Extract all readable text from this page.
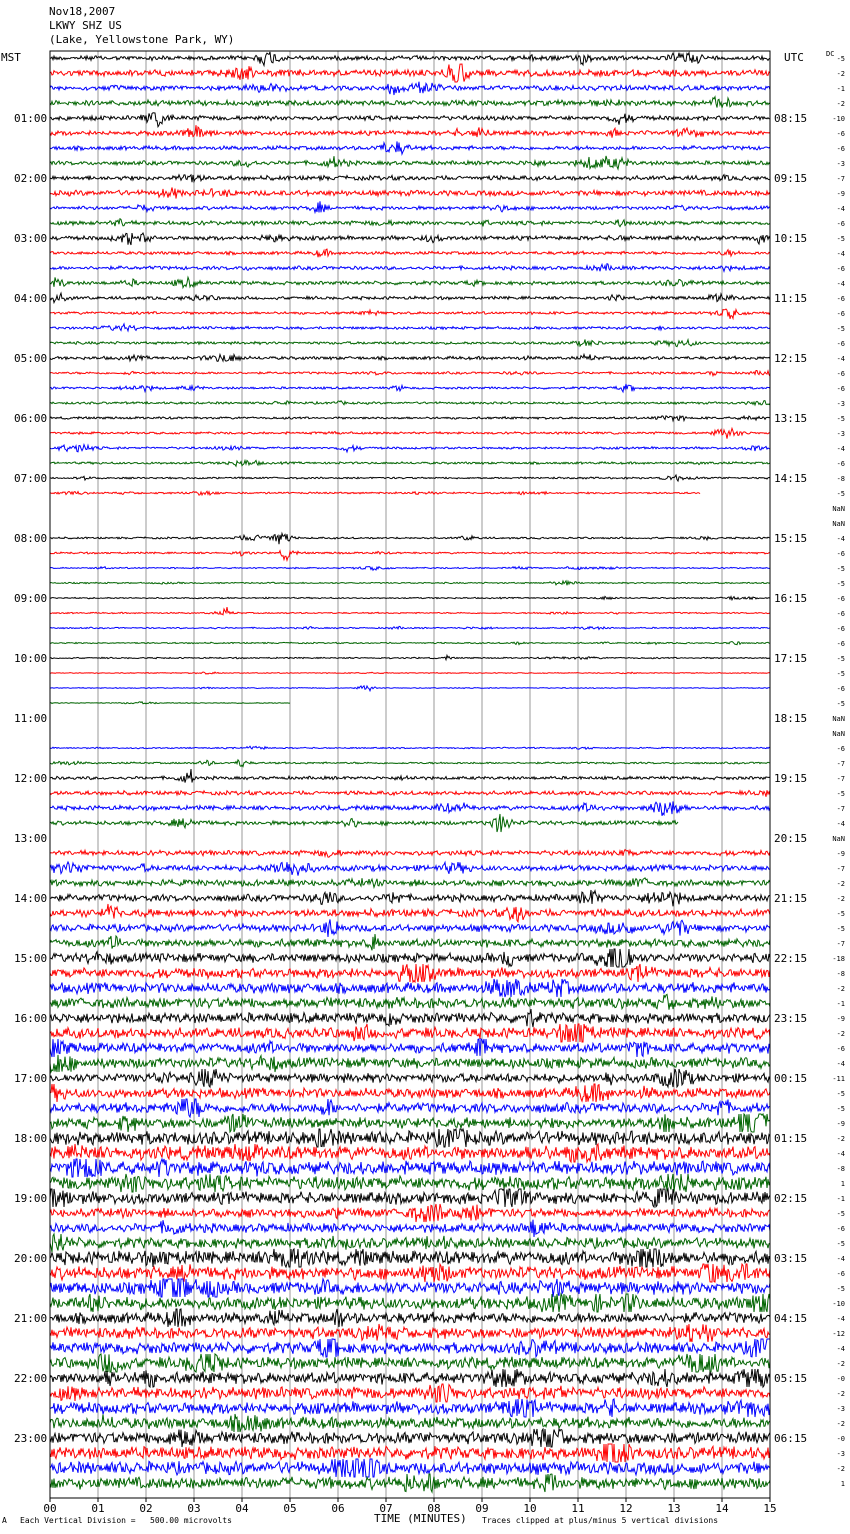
Nov18,2007
LKWY SHZ US
(Lake, Yellowstone Park, WY)
MST	UTC
01:00
02:00
03:00
04:00
05:00
06:00
07:00
08:00
09:00
10:00
11:00
12:00
13:00
14:00
15:00
16:00
17:00
18:00
19:00
20:00
21:00
22:00
23:00
08:15
09:15
10:15
11:15
12:15
13:15
14:15
15:15
16:15
17:15
18:15
19:15
20:15
21:15
22:15
23:15
00:15
01:15
02:15
03:15
04:15
05:15
06:15
-5
-2
-1
-2
-10
-6
-6
-3
-7
-9
-4
-6
-5
-4
-6
-4
-6
-6
-5
-6
-4
-6
-6
-3
-5
-3
-4
-6
-8
-5
NaN
NaN
-4
-6
-5
-5
-6
-6
-6
-6
-5
-5
-6
-5
NaN
NaN
-6
-7
-7
-5
-7
-4
NaN
-9
-7
-2
-2
-5
-5
-7
-18
-8
-2
-1
-9
-2
-6
-4
-11
-5
-5
-9
-2
-4
-8
1
-1
-5
-6
-5
-4
-6
-5
-10
-4
-12
-4
-2
-0
-2
-3
-2
-0
-3
-2
1
00	01	02	03	04	05	06	07	08	09	10	11	12	13	14	15
DC
A Each Vertical Division =   500.00 microvolts	TIME (MINUTES) Traces clipped at plus/minus 5 vertical divisions
